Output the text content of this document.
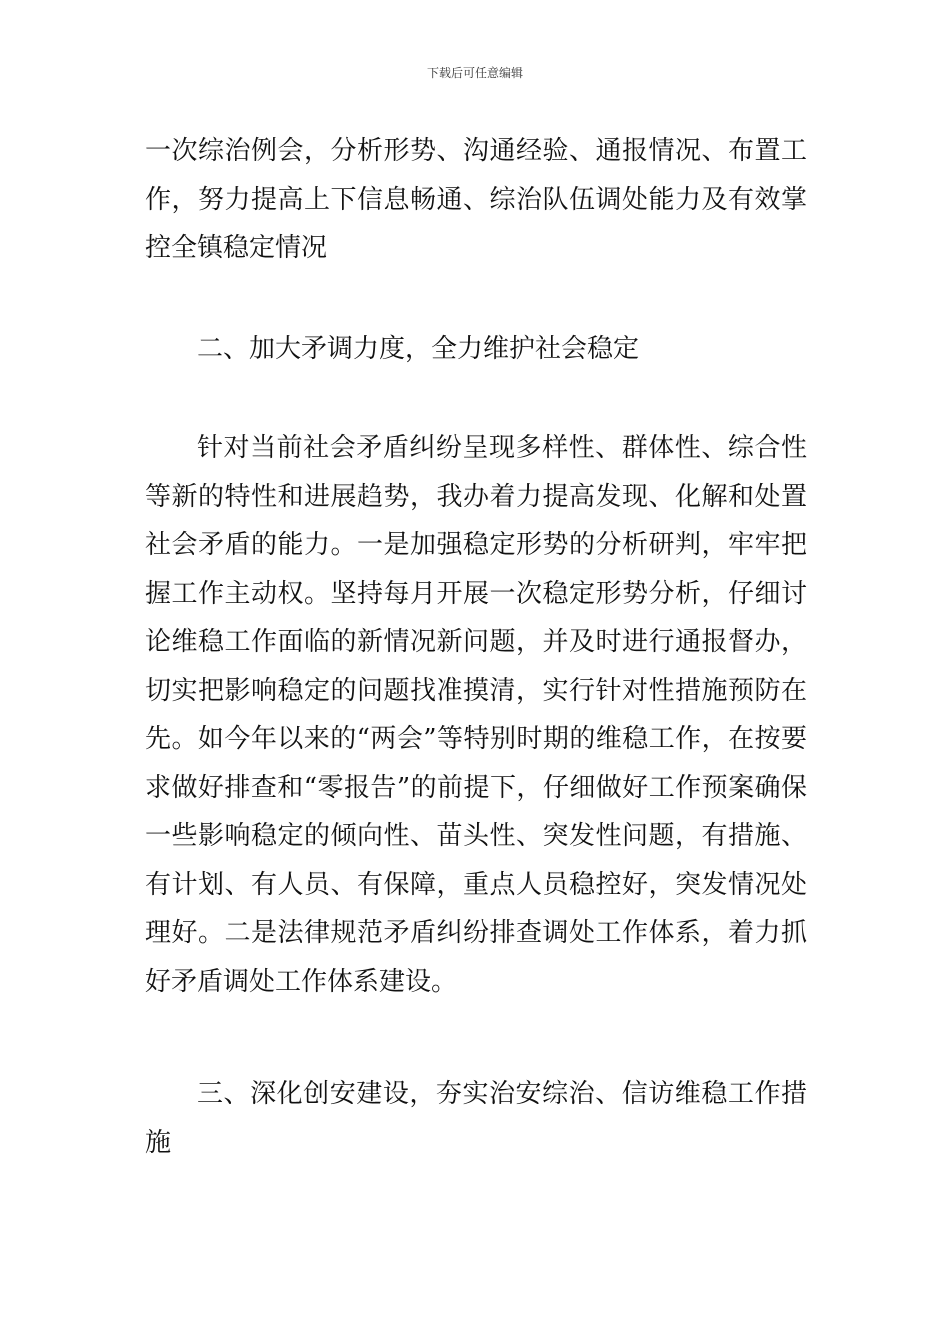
下载后可任意编辑

一次综治例会，分析形势、沟通经验、通报情况、布置工作，努力提高上下信息畅通、综治队伍调处能力及有效掌控全镇稳定情况

二、加大矛调力度，全力维护社会稳定

针对当前社会矛盾纠纷呈现多样性、群体性、综合性等新的特性和进展趋势，我办着力提高发现、化解和处置社会矛盾的能力。一是加强稳定形势的分析研判，牢牢把握工作主动权。坚持每月开展一次稳定形势分析，仔细讨论维稳工作面临的新情况新问题，并及时进行通报督办，切实把影响稳定的问题找准摸清，实行针对性措施预防在先。如今年以来的“两会”等特别时期的维稳工作，在按要求做好排查和“零报告”的前提下，仔细做好工作预案确保一些影响稳定的倾向性、苗头性、突发性问题，有措施、有计划、有人员、有保障，重点人员稳控好，突发情况处理好。二是法律规范矛盾纠纷排查调处工作体系，着力抓好矛盾调处工作体系建设。

三、深化创安建设，夯实治安综治、信访维稳工作措施
